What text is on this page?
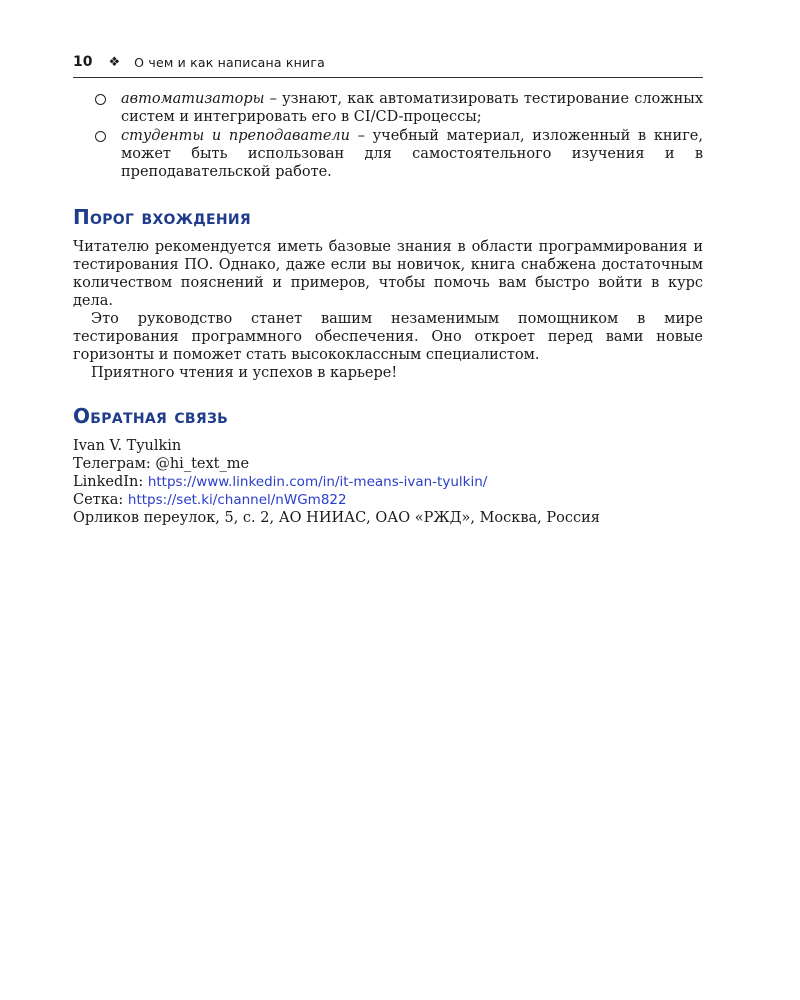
10 ❖ О чем и как написана книга
автоматизаторы – узнают, как автоматизировать тестирование сложных систем и интегрировать его в CI/CD-процессы;
студенты и преподаватели – учебный материал, изложенный в книге, может быть использован для самостоятельного изучения и в преподавательской работе.
Порог вхождения

Читателю рекомендуется иметь базовые знания в области программирования и тестирования ПО. Однако, даже если вы новичок, книга снабжена достаточным количеством пояснений и примеров, чтобы помочь вам быстро войти в курс дела.

Это руководство станет вашим незаменимым помощником в мире тестирования программного обеспечения. Оно откроет перед вами новые горизонты и поможет стать высококлассным специалистом.

Приятного чтения и успехов в карьере!

Обратная связь
Ivan V. Tyulkin
Телеграм: @hi_text_me
LinkedIn: https://www.linkedin.com/in/it-means-ivan-tyulkin/
Сетка: https://set.ki/channel/nWGm822
Орликов переулок, 5, с. 2, АО НИИАС, ОАО «РЖД», Москва, Россия
